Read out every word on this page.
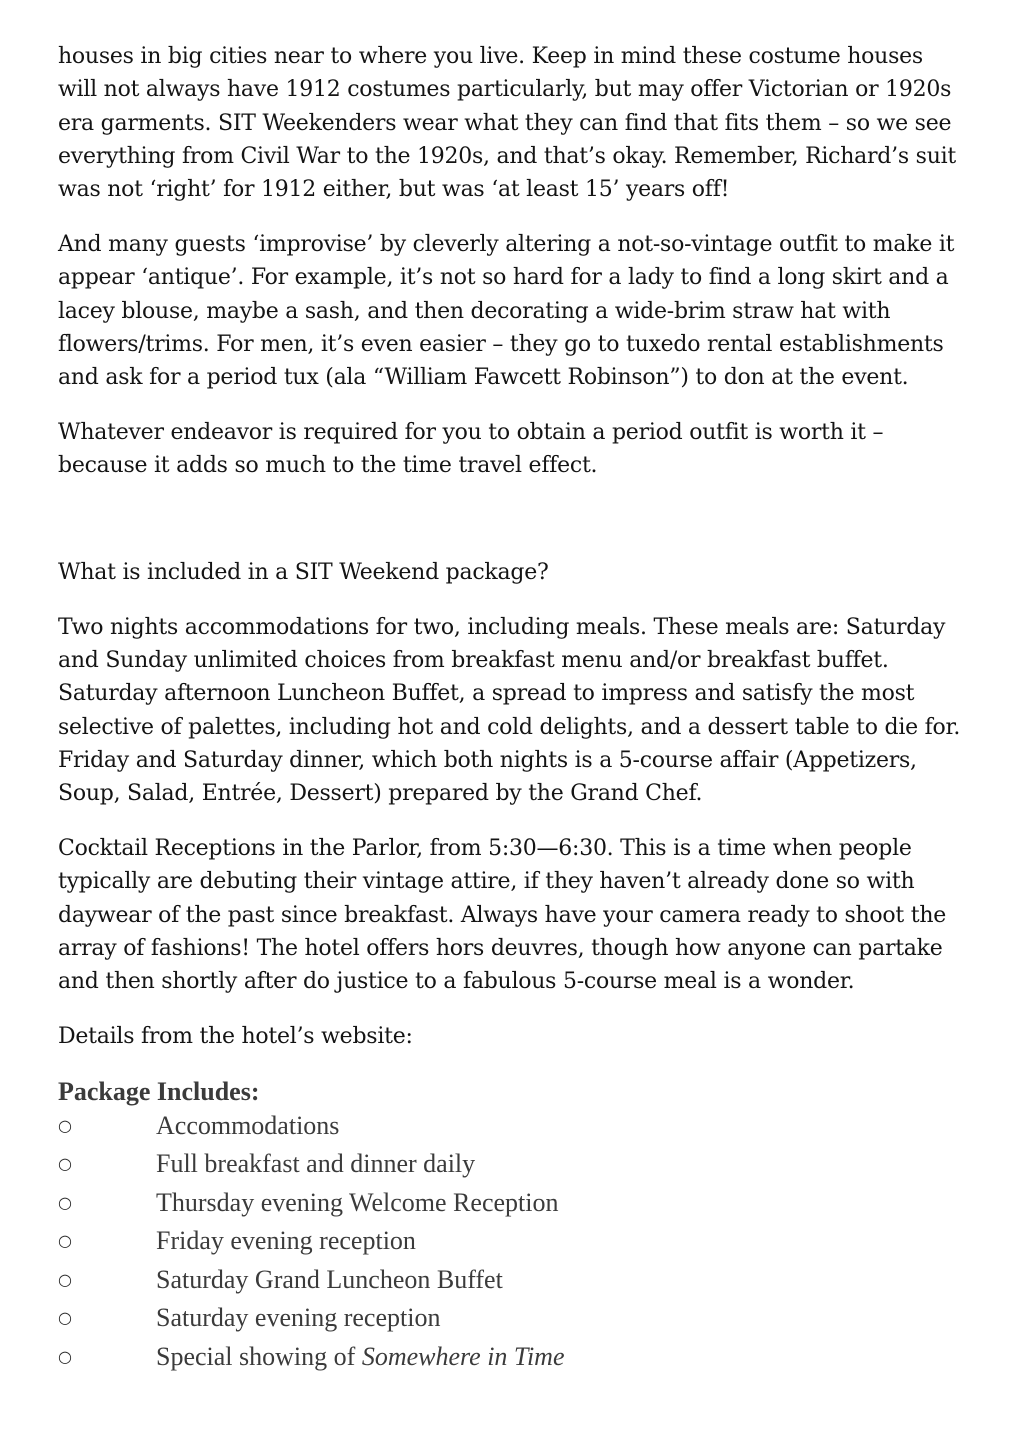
houses in big cities near to where you live. Keep in mind these costume houses will not always have 1912 costumes particularly, but may offer Victorian or 1920s era garments. SIT Weekenders wear what they can find that fits them – so we see everything from Civil War to the 1920s, and that’s okay. Remember, Richard’s suit was not ‘right’ for 1912 either, but was ‘at least 15’ years off!

And many guests ‘improvise’ by cleverly altering a not-so-vintage outfit to make it appear ‘antique’. For example, it’s not so hard for a lady to find a long skirt and a lacey blouse, maybe a sash, and then decorating a wide-brim straw hat with flowers/trims. For men, it’s even easier – they go to tuxedo rental establishments and ask for a period tux (ala “William Fawcett Robinson”) to don at the event.

Whatever endeavor is required for you to obtain a period outfit is worth it – because it adds so much to the time travel effect.

What is included in a SIT Weekend package?

Two nights accommodations for two, including meals. These meals are: Saturday and Sunday unlimited choices from breakfast menu and/or breakfast buffet. Saturday afternoon Luncheon Buffet, a spread to impress and satisfy the most selective of palettes, including hot and cold delights, and a dessert table to die for. Friday and Saturday dinner, which both nights is a 5-course affair (Appetizers, Soup, Salad, Entrée, Dessert) prepared by the Grand Chef.

Cocktail Receptions in the Parlor, from 5:30—6:30. This is a time when people typically are debuting their vintage attire, if they haven’t already done so with daywear of the past since breakfast. Always have your camera ready to shoot the array of fashions! The hotel offers hors deuvres, though how anyone can partake and then shortly after do justice to a fabulous 5-course meal is a wonder.

Details from the hotel’s website:

Package Includes:

○	Accommodations
○	Full breakfast and dinner daily
○	Thursday evening Welcome Reception
○	Friday evening reception
○	Saturday Grand Luncheon Buffet
○	Saturday evening reception
○	Special showing of Somewhere in Time
